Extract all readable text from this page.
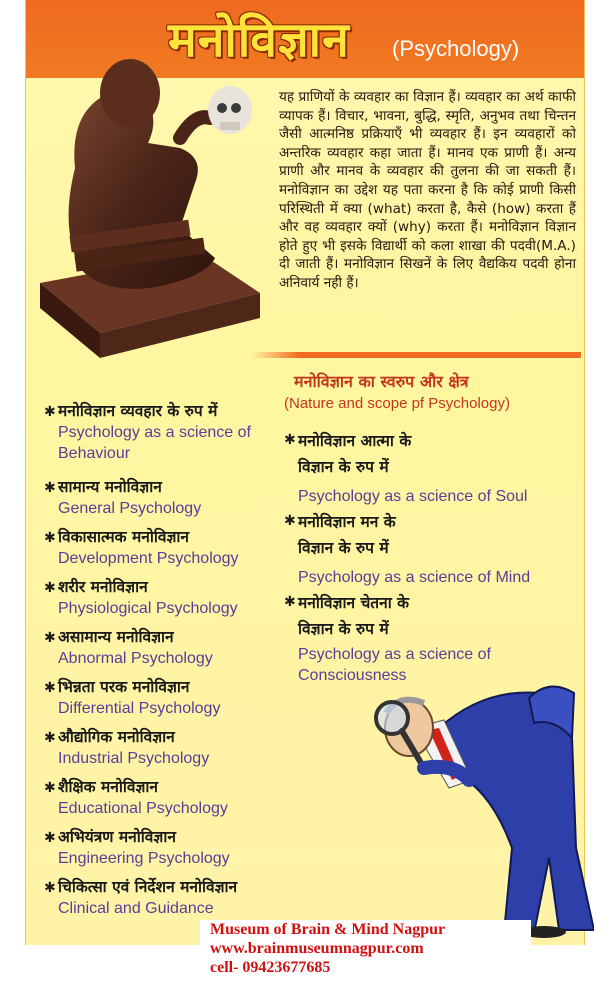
यह प्राणियों के व्यवहार का विज्ञान हैं। व्यवहार का अर्थ काफी व्यापक हैं। विचार, भावना, बुद्धि, स्मृति, अनुभव तथा चिन्तन जैसी आत्मनिष्ठ प्रक्रियाएँ भी व्यवहार हैं। इन व्यवहारों को अन्तरिक व्यवहार कहा जाता हैं। मानव एक प्राणी हैं। अन्य प्राणी और मानव के व्यवहार की तुलना की जा सकती हैं। मनोविज्ञान का उद्देश यह पता करना है कि कोई प्राणी किसी परिस्थिती में क्या (what) करता है, कैसे (how) करता हैं और वह व्यवहार क्यों (why) करता हैं। मनोविज्ञान विज्ञान होते हुए भी इसके विद्यार्थी को कला शाखा की पदवी(M.A.) दी जाती हैं। मनोविज्ञान सिखनें के लिए वैद्यकिय पदवी होना अनिवार्य नही हैं।

मनोविज्ञान का स्वरुप और क्षेत्र
(Nature and scope pf Psychology)
✱ मनोविज्ञान व्यवहार के रुप में
Psychology as a science of Behaviour
✱ सामान्य मनोविज्ञान
General Psychology
✱ विकासात्मक मनोविज्ञान
Development Psychology
✱ शरीर मनोविज्ञान
Physiological Psychology
✱ असामान्य मनोविज्ञान
Abnormal Psychology
✱ भिन्नता परक मनोविज्ञान
Differential Psychology
✱ औद्योगिक मनोविज्ञान
Industrial Psychology
✱ शैक्षिक मनोविज्ञान
Educational Psychology
✱ अभियंत्रण मनोविज्ञान
Engineering Psychology
✱ चिकित्सा एवं निर्देशन मनोविज्ञान
Clinical and Guidance
✱ मनोविज्ञान आत्मा के
विज्ञान के रुप में
Psychology as a science of Soul
✱ मनोविज्ञान मन के
विज्ञान के रुप में
Psychology as a science of Mind
✱ मनोविज्ञान चेतना के
विज्ञान के रुप में
Psychology as a science of Consciousness
मनोविज्ञान (Psychology)
Museum of Brain & Mind Nagpur
www.brainmuseumnagpur.com
cell- 09423677685
